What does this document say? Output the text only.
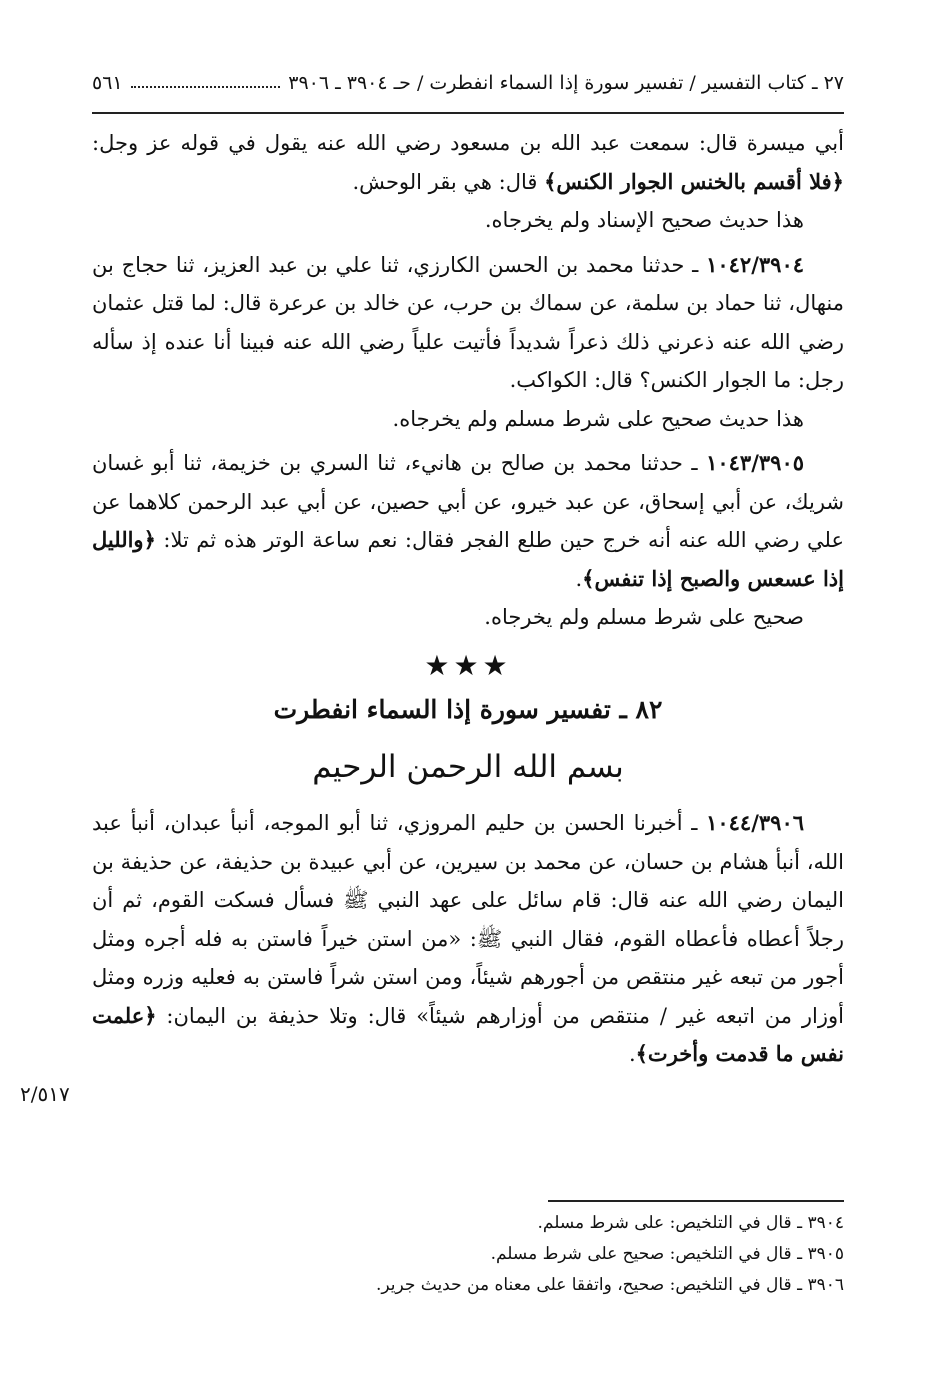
٢٧ ـ كتاب التفسير / تفسير سورة إذا السماء انفطرت / حـ ٣٩٠٤ ـ ٣٩٠٦
٥٦١

أبي ميسرة قال: سمعت عبد الله بن مسعود رضي الله عنه يقول في قوله عز وجل: ﴿فلا أقسم بالخنس الجوار الكنس﴾ قال: هي بقر الوحش.

هذا حديث صحيح الإسناد ولم يخرجاه.

١٠٤٢/٣٩٠٤ ـ حدثنا محمد بن الحسن الكارزي، ثنا علي بن عبد العزيز، ثنا حجاج بن منهال، ثنا حماد بن سلمة، عن سماك بن حرب، عن خالد بن عرعرة قال: لما قتل عثمان رضي الله عنه ذعرني ذلك ذعراً شديداً فأتيت علياً رضي الله عنه فبينا أنا عنده إذ سأله رجل: ما الجوار الكنس؟ قال: الكواكب.

هذا حديث صحيح على شرط مسلم ولم يخرجاه.

١٠٤٣/٣٩٠٥ ـ حدثنا محمد بن صالح بن هانيء، ثنا السري بن خزيمة، ثنا أبو غسان شريك، عن أبي إسحاق، عن عبد خيرو، عن أبي حصين، عن أبي عبد الرحمن كلاهما عن علي رضي الله عنه أنه خرج حين طلع الفجر فقال: نعم ساعة الوتر هذه ثم تلا: ﴿والليل إذا عسعس والصبح إذا تنفس﴾.

صحيح على شرط مسلم ولم يخرجاه.

★★★
٨٢ ـ تفسير سورة إذا السماء انفطرت
بسم الله الرحمن الرحيم

١٠٤٤/٣٩٠٦ ـ أخبرنا الحسن بن حليم المروزي، ثنا أبو الموجه، أنبأ عبدان، أنبأ عبد الله، أنبأ هشام بن حسان، عن محمد بن سيرين، عن أبي عبيدة بن حذيفة، عن حذيفة بن اليمان رضي الله عنه قال: قام سائل على عهد النبي ﷺ فسأل فسكت القوم، ثم أن رجلاً أعطاه فأعطاه القوم، فقال النبي ﷺ: «من استن خيراً فاستن به فله أجره ومثل أجور من تبعه غير منتقص من أجورهم شيئاً، ومن استن شراً فاستن به فعليه وزره ومثل أوزار من اتبعه غير / منتقص من أوزارهم شيئاً» قال: وتلا حذيفة بن اليمان: ﴿علمت نفس ما قدمت وأخرت﴾.

٢/٥١٧

٣٩٠٤ ـ قال في التلخيص: على شرط مسلم.

٣٩٠٥ ـ قال في التلخيص: صحيح على شرط مسلم.

٣٩٠٦ ـ قال في التلخيص: صحيح، واتفقا على معناه من حديث جرير.
